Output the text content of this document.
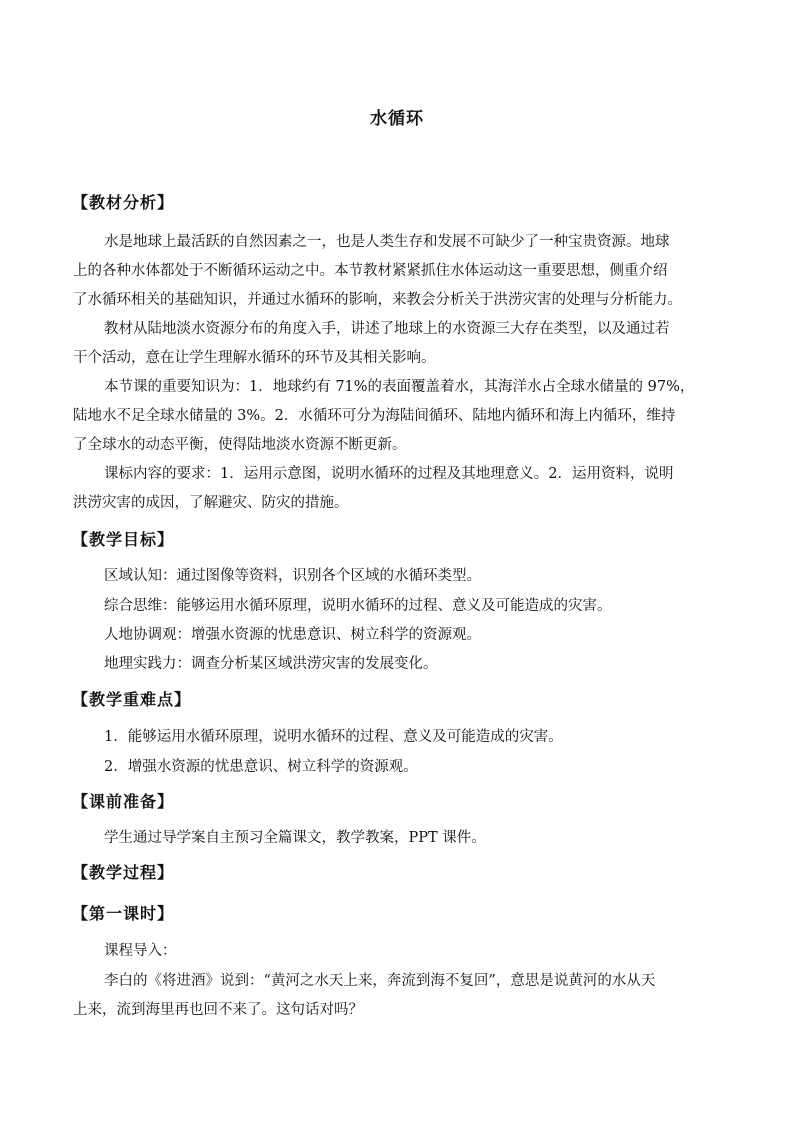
水循环
【教材分析】
水是地球上最活跃的自然因素之一，也是人类生存和发展不可缺少了一种宝贵资源。地球
上的各种水体都处于不断循环运动之中。本节教材紧紧抓住水体运动这一重要思想，侧重介绍
了水循环相关的基础知识，并通过水循环的影响，来教会分析关于洪涝灾害的处理与分析能力。
教材从陆地淡水资源分布的角度入手，讲述了地球上的水资源三大存在类型，以及通过若
干个活动，意在让学生理解水循环的环节及其相关影响。
本节课的重要知识为：1．地球约有 71%的表面覆盖着水，其海洋水占全球水储量的 97%，
陆地水不足全球水储量的 3%。2．水循环可分为海陆间循环、陆地内循环和海上内循环，维持
了全球水的动态平衡，使得陆地淡水资源不断更新。
课标内容的要求：1．运用示意图，说明水循环的过程及其地理意义。2．运用资料，说明
洪涝灾害的成因，了解避灾、防灾的措施。
【教学目标】
区域认知：通过图像等资料，识别各个区域的水循环类型。
综合思维：能够运用水循环原理，说明水循环的过程、意义及可能造成的灾害。
人地协调观：增强水资源的忧患意识、树立科学的资源观。
地理实践力：调查分析某区域洪涝灾害的发展变化。
【教学重难点】
1．能够运用水循环原理，说明水循环的过程、意义及可能造成的灾害。
2．增强水资源的忧患意识、树立科学的资源观。
【课前准备】
学生通过导学案自主预习全篇课文，教学教案，PPT 课件。
【教学过程】
【第一课时】
课程导入：
李白的《将进酒》说到：“黄河之水天上来，奔流到海不复回”，意思是说黄河的水从天
上来，流到海里再也回不来了。这句话对吗？
